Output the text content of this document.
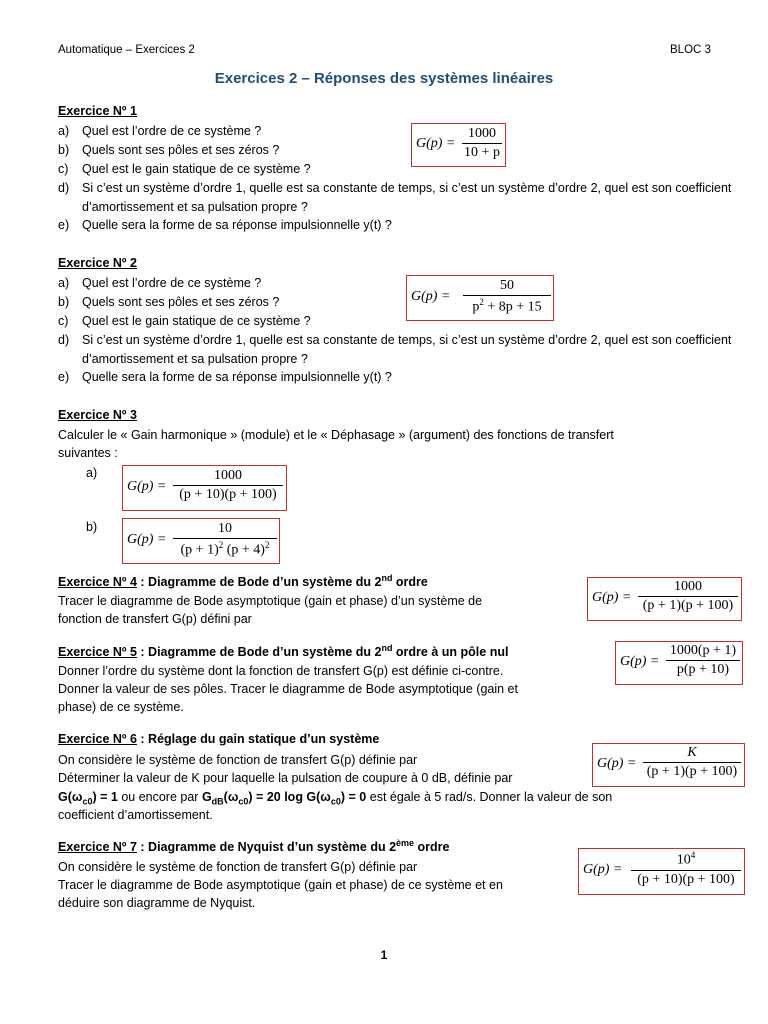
Automatique – Exercices 2	BLOC 3
Exercices 2 – Réponses des systèmes linéaires
Exercice Nº 1
a) Quel est l’ordre de ce système ?
b) Quels sont ses pôles et ses zéros ?
c) Quel est le gain statique de ce système ?
d) Si c’est un système d’ordre 1, quelle est sa constante de temps, si c’est un système d’ordre 2, quel est son coefficient d’amortissement et sa pulsation propre ?
e) Quelle sera la forme de sa réponse impulsionnelle y(t) ?
G(p) =
1000
10 + p
Exercice Nº 2
a) Quel est l’ordre de ce système ?
b) Quels sont ses pôles et ses zéros ?
c) Quel est le gain statique de ce système ?
d) Si c’est un système d’ordre 1, quelle est sa constante de temps, si c’est un système d’ordre 2, quel est son coefficient d’amortissement et sa pulsation propre ?
e) Quelle sera la forme de sa réponse impulsionnelle y(t) ?
G(p) =
50
$p^2 + 8p + 15$
Exercice Nº 3
Calculer le « Gain harmonique » (module) et le « Déphasage » (argument) des fonctions de transfert
suivantes :
a)
b)
G(p) =
1000
(p + 10)(p + 100)
G(p) =
10
$(p + 1)^2$ $(p + 4)^2$
Exercice Nº 4 : Diagramme de Bode d’un système du 2nd ordre
Tracer le diagramme de Bode asymptotique (gain et phase) d’un système de
fonction de transfert G(p) défini par
G(p) =
1000
(p + 1)(p + 100)
Exercice Nº 5 : Diagramme de Bode d’un système du 2nd ordre à un pôle nul
Donner l’ordre du système dont la fonction de transfert G(p) est définie ci-contre.
Donner la valeur de ses pôles. Tracer le diagramme de Bode asymptotique (gain et
phase) de ce système.
G(p) =
1000(p + 1)
p(p + 10)
Exercice Nº 6 : Réglage du gain statique d’un système
On considère le système de fonction de transfert G(p) définie par
Déterminer la valeur de K pour laquelle la pulsation de coupure à 0 dB, définie par
$G(\omega_{c0}) = 1$ ou encore par $G_{dB}(\omega_{c0}) = 20$ $\log G(\omega_{c0}) = 0$ est égale à 5 rad/s. Donner la valeur de son
coefficient d’amortissement.
G(p) =
K
(p + 1)(p + 100)
Exercice Nº 7 : Diagramme de Nyquist d’un système du 2ème ordre
On considère le système de fonction de transfert G(p) définie par
Tracer le diagramme de Bode asymptotique (gain et phase) de ce système et en
déduire son diagramme de Nyquist.
G(p) =
$10^4$
(p + 10)(p + 100)
1
